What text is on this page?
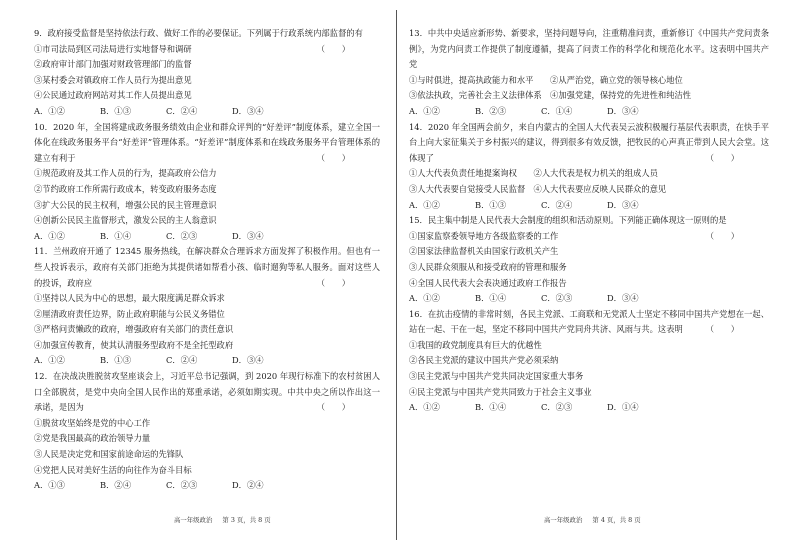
9．政府接受监督是坚持依法行政、做好工作的必要保证。下列属于行政系统内部监督的有
（　　）
①市司法局到区司法局进行实地督导和调研
②政府审计部门加强对财政管理部门的监督
③某村委会对镇政府工作人员行为提出意见
④公民通过政府网站对其工作人员提出意见
A．①②	B．①③	C．②④	D．③④
10．2020 年，全国将建成政务服务绩效由企业和群众评判的“好差评”制度体系，建立全国一体化在线政务服务平台“好差评”管理体系。“好差评”制度体系和在线政务服务平台管理体系的建立有利于	（　　）
①规范政府及其工作人员的行为，提高政府公信力
②节约政府工作所需行政成本，转变政府服务态度
③扩大公民的民主权利，增强公民的民主管理意识
④创新公民民主监督形式，激发公民的主人翁意识
A．①②	B．①④	C．②③	D．③④
11．兰州政府开通了 12345 服务热线，在解决群众合理诉求方面发挥了积极作用。但也有一些人投诉表示，政府有关部门拒绝为其提供诸如帮看小孩、临时遛狗等私人服务。面对这些人的投诉，政府应	（　　）
①坚持以人民为中心的思想，最大限度满足群众诉求
②厘清政府责任边界，防止政府职能与公民义务错位
③严格问责懒政的政府，增强政府有关部门的责任意识
④加强宣传教育，使其认清服务型政府不是全托型政府
A．①②	B．①③	C．②④	D．③④
12．在决战决胜脱贫攻坚座谈会上，习近平总书记强调，到 2020 年现行标准下的农村贫困人口全部脱贫，是党中央向全国人民作出的郑重承诺，必须如期实现。中共中央之所以作出这一承诺，是因为	（　　）
①脱贫攻坚始终是党的中心工作
②党是我国最高的政治领导力量
③人民是决定党和国家前途命运的先锋队
④党把人民对美好生活的向往作为奋斗目标
A．①③	B．②④	C．②③	D．②④
高一年级政治 第 3 页，共 8 页
13．中共中央适应新形势、新要求，坚持问题导向，注重精准问责，重新修订《中国共产党问责条例》，为党内问责工作提供了制度遵循，提高了问责工作的科学化和规范化水平。这表明中国共产党
①与时俱进，提高执政能力和水平　　②从严治党，确立党的领导核心地位
③依法执政，完善社会主义法律体系　④加强党建，保持党的先进性和纯洁性
A．①②	B．②③	C．①④	D．③④
14．2020 年全国两会前夕，来自内蒙古的全国人大代表吴云波积极履行基层代表职责，在快手平台上向大家征集关于乡村振兴的建议，得到很多有效反馈，把牧民的心声真正带到人民大会堂。这体现了	（　　）
①人大代表负责任地提案询权　　②人大代表是权力机关的组成人员
③人大代表要自觉接受人民监督　④人大代表要应反映人民群众的意见
A．①②	B．①③	C．②④	D．③④
15．民主集中制是人民代表大会制度的组织和活动原则。下列能正确体现这一原则的是
（　　）
①国家监察委领导地方各级监察委的工作
②国家法律监督机关由国家行政机关产生
③人民群众须服从和接受政府的管理和服务
④全国人民代表大会表决通过政府工作报告
A．①②	B．①④	C．②③	D．③④
16．在抗击疫情的非常时刻，各民主党派、工商联和无党派人士坚定不移同中国共产党想在一起、站在一起、干在一起，坚定不移同中国共产党同舟共济、风雨与共。这表明	（　　）
①我国的政党制度具有巨大的优越性
②各民主党派的建议中国共产党必须采纳
③民主党派与中国共产党共同决定国家重大事务
④民主党派与中国共产党共同致力于社会主义事业
A．①②	B．①④	C．②③	D．①④
高一年级政治 第 4 页，共 8 页
